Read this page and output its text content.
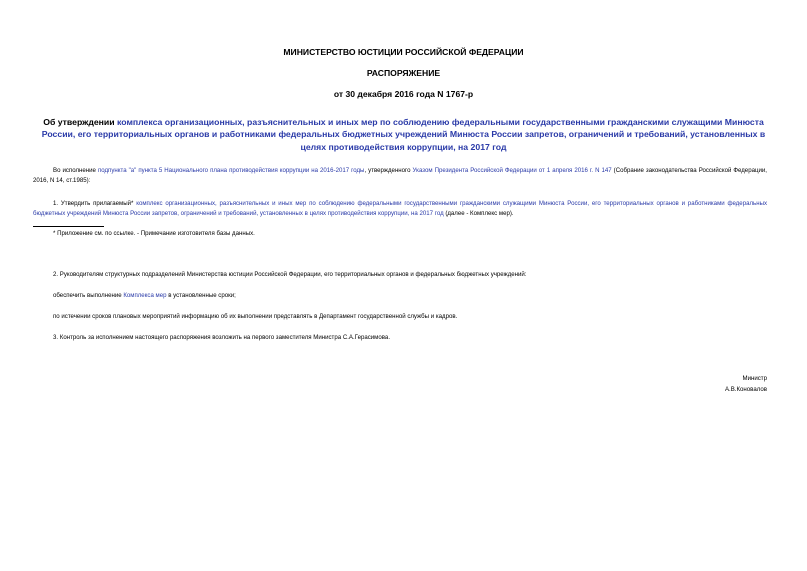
МИНИСТЕРСТВО ЮСТИЦИИ РОССИЙСКОЙ ФЕДЕРАЦИИ
РАСПОРЯЖЕНИЕ
от 30 декабря 2016 года N 1767-р
Об утверждении комплекса организационных, разъяснительных и иных мер по соблюдению федеральными государственными гражданскими служащими Минюста России, его территориальных органов и работниками федеральных бюджетных учреждений Минюста России запретов, ограничений и требований, установленных в целях противодействия коррупции, на 2017 год
Во исполнение подпункта "а" пункта 5 Национального плана противодействия коррупции на 2016-2017 годы, утвержденного Указом Президента Российской Федерации от 1 апреля 2016 г. N 147 (Собрание законодательства Российской Федерации, 2016, N 14, ст.1985):
1. Утвердить прилагаемый* комплекс организационных, разъяснительных и иных мер по соблюдению федеральными государственными гражданскими служащими Минюста России, его территориальных органов и работниками федеральных бюджетных учреждений Минюста России запретов, ограничений и требований, установленных в целях противодействия коррупции, на 2017 год (далее - Комплекс мер).
* Приложение см. по ссылке. - Примечание изготовителя базы данных.
2. Руководителям структурных подразделений Министерства юстиции Российской Федерации, его территориальных органов и федеральных бюджетных учреждений:
обеспечить выполнение Комплекса мер в установленные сроки;
по истечении сроков плановых мероприятий информацию об их выполнении представлять в Департамент государственной службы и кадров.
3. Контроль за исполнением настоящего распоряжения возложить на первого заместителя Министра С.А.Герасимова.
Министр
А.В.Коновалов
